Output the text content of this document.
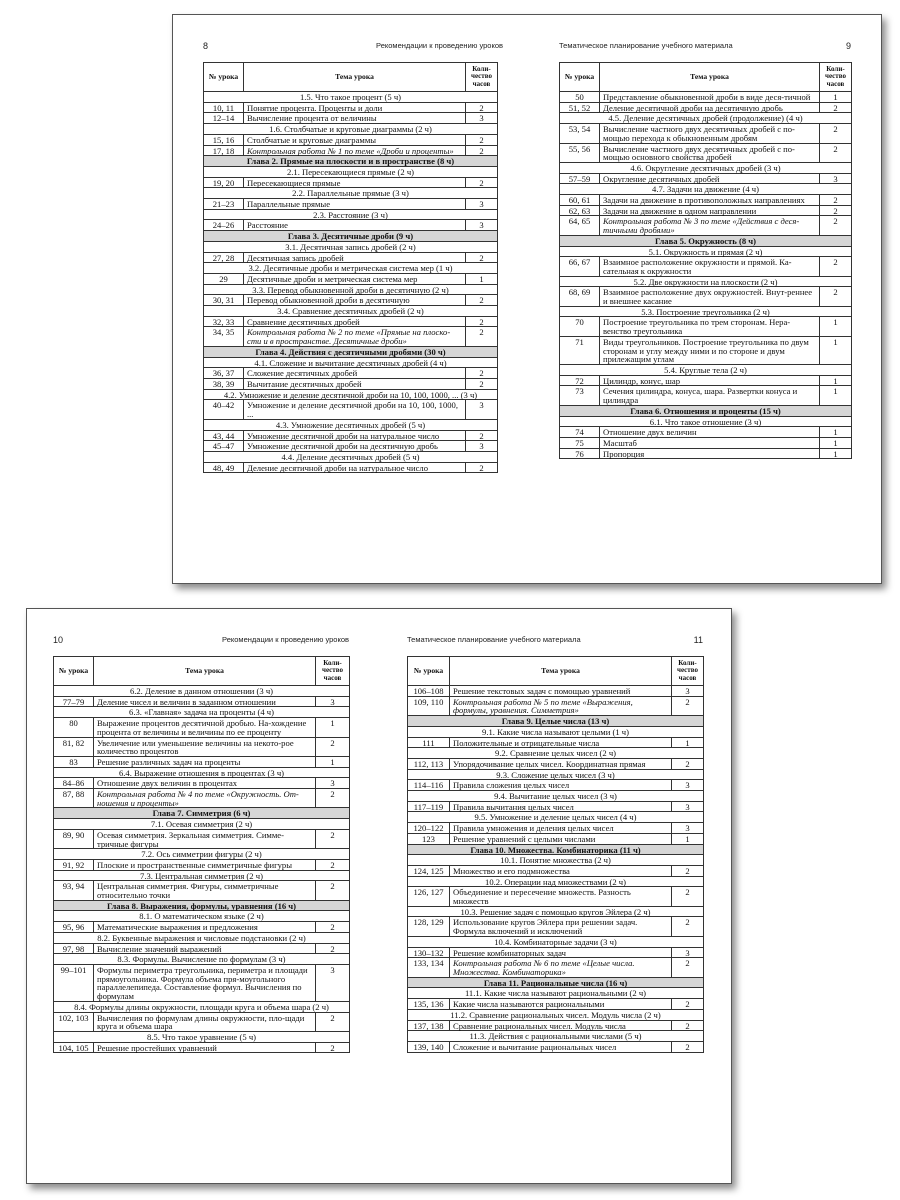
8	Рекомендации к проведению уроков
№ урока	Тема урока	Коли-
чество
часов
1.5. Что такое процент (5 ч)		
10, 11	Понятие процента. Проценты и доли	2
12–14	Вычисление процента от величины	3
1.6. Столбчатые и круговые диаграммы (2 ч)		
15, 16	Столбчатые и круговые диаграммы	2
17, 18	Контрольная работа № 1 по теме «Дроби и проценты»	2
Глава 2. Прямые на плоскости и в пространстве (8 ч)		
2.1. Пересекающиеся прямые (2 ч)		
19, 20	Пересекающиеся прямые	2
2.2. Параллельные прямые (3 ч)		
21–23	Параллельные прямые	3
2.3. Расстояние (3 ч)		
24–26	Расстояние	3
Глава 3. Десятичные дроби (9 ч)		
3.1. Десятичная запись дробей (2 ч)		
27, 28	Десятичная запись дробей	2
3.2. Десятичные дроби и метрическая система мер (1 ч)		
29	Десятичные дроби и метрическая система мер	1
3.3. Перевод обыкновенной дроби в десятичную (2 ч)		
30, 31	Перевод обыкновенной дроби в десятичную	2
3.4. Сравнение десятичных дробей (2 ч)		
32, 33	Сравнение десятичных дробей	2
34, 35	Контрольная работа № 2 по теме «Прямые на плоско-сти и в пространстве. Десятичные дроби»	2
Глава 4. Действия с десятичными дробями (30 ч)		
4.1. Сложение и вычитание десятичных дробей (4 ч)		
36, 37	Сложение десятичных дробей	2
38, 39	Вычитание десятичных дробей	2
4.2. Умножение и деление десятичной дроби на 10, 100, 1000, ... (3 ч)		
40–42	Умножение и деление десятичной дроби на 10, 100, 1000, ...	3
4.3. Умножение десятичных дробей (5 ч)		
43, 44	Умножение десятичной дроби на натуральное число	2
45–47	Умножение десятичной дроби на десятичную дробь	3
4.4. Деление десятичных дробей (5 ч)		
48, 49	Деление десятичной дроби на натуральное число	2
Тематическое планирование учебного материала	9
№ урока	Тема урока	Коли-
чество
часов
50	Представление обыкновенной дроби в виде деся-тичной	1
51, 52	Деление десятичной дроби на десятичную дробь	2
4.5. Деление десятичных дробей (продолжение) (4 ч)		
53, 54	Вычисление частного двух десятичных дробей с по-мощью перехода к обыкновенным дробям	2
55, 56	Вычисление частного двух десятичных дробей с по-мощью основного свойства дробей	2
4.6. Округление десятичных дробей (3 ч)		
57–59	Округление десятичных дробей	3
4.7. Задачи на движение (4 ч)		
60, 61	Задачи на движение в противоположных направлениях	2
62, 63	Задачи на движение в одном направлении	2
64, 65	Контрольная работа № 3 по теме «Действия с деся-тичными дробями»	2
Глава 5. Окружность (8 ч)		
5.1. Окружность и прямая (2 ч)		
66, 67	Взаимное расположение окружности и прямой. Ка-сательная к окружности	2
5.2. Две окружности на плоскости (2 ч)		
68, 69	Взаимное расположение двух окружностей. Внут-реннее и внешнее касание	2
5.3. Построение треугольника (2 ч)		
70	Построение треугольника по трем сторонам. Нера-венство треугольника	1
71	Виды треугольников. Построение треугольника по двум сторонам и углу между ними и по стороне и двум прилежащим углам	1
5.4. Круглые тела (2 ч)		
72	Цилиндр, конус, шар	1
73	Сечения цилиндра, конуса, шара. Развертки конуса и цилиндра	1
Глава 6. Отношения и проценты (15 ч)		
6.1. Что такое отношение (3 ч)		
74	Отношение двух величин	1
75	Масштаб	1
76	Пропорция	1
10	Рекомендации к проведению уроков
№ урока	Тема урока	Коли-
чество
часов
6.2. Деление в данном отношении (3 ч)		
77–79	Деление чисел и величин в заданном отношении	3
6.3. «Главная» задача на проценты (4 ч)		
80	Выражение процентов десятичной дробью. На-хождение процента от величины и величины по ее проценту	1
81, 82	Увеличение или уменьшение величины на некото-рое количество процентов	2
83	Решение различных задач на проценты	1
6.4. Выражение отношения в процентах (3 ч)		
84–86	Отношение двух величин в процентах	3
87, 88	Контрольная работа № 4 по теме «Окружность. От-ношения и проценты»	2
Глава 7. Симметрия (6 ч)		
7.1. Осевая симметрия (2 ч)		
89, 90	Осевая симметрия. Зеркальная симметрия. Симме-тричные фигуры	2
7.2. Ось симметрии фигуры (2 ч)		
91, 92	Плоские и пространственные симметричные фигуры	2
7.3. Центральная симметрия (2 ч)		
93, 94	Центральная симметрия. Фигуры, симметричные относительно точки	2
Глава 8. Выражения, формулы, уравнения (16 ч)		
8.1. О математическом языке (2 ч)		
95, 96	Математические выражения и предложения	2
8.2. Буквенные выражения и числовые подстановки (2 ч)		
97, 98	Вычисление значений выражений	2
8.3. Формулы. Вычисление по формулам (3 ч)		
99–101	Формулы периметра треугольника, периметра и площади прямоугольника. Формула объема пря-моугольного параллелепипеда. Составление формул. Вычисления по формулам	3
8.4. Формулы длины окружности, площади круга и объема шара (2 ч)		
102, 103	Вычисления по формулам длины окружности, пло-щади круга и объема шара	2
8.5. Что такое уравнение (5 ч)		
104, 105	Решение простейших уравнений	2
Тематическое планирование учебного материала	11
№ урока	Тема урока	Коли-
чество
часов
106–108	Решение текстовых задач с помощью уравнений	3
109, 110	Контрольная работа № 5 по теме «Выражения, формулы, уравнения. Симметрия»	2
Глава 9. Целые числа (13 ч)		
9.1. Какие числа называют целыми (1 ч)		
111	Положительные и отрицательные числа	1
9.2. Сравнение целых чисел (2 ч)		
112, 113	Упорядочивание целых чисел. Координатная прямая	2
9.3. Сложение целых чисел (3 ч)		
114–116	Правила сложения целых чисел	3
9.4. Вычитание целых чисел (3 ч)		
117–119	Правила вычитания целых чисел	3
9.5. Умножение и деление целых чисел (4 ч)		
120–122	Правила умножения и деления целых чисел	3
123	Решение уравнений с целыми числами	1
Глава 10. Множества. Комбинаторика (11 ч)		
10.1. Понятие множества (2 ч)		
124, 125	Множество и его подмножества	2
10.2. Операции над множествами (2 ч)		
126, 127	Объединение и пересечение множеств. Разность множеств	2
10.3. Решение задач с помощью кругов Эйлера (2 ч)		
128, 129	Использование кругов Эйлера при решении задач. Формула включений и исключений	2
10.4. Комбинаторные задачи (3 ч)		
130–132	Решение комбинаторных задач	3
133, 134	Контрольная работа № 6 по теме «Целые числа. Множества. Комбинаторика»	2
Глава 11. Рациональные числа (16 ч)		
11.1. Какие числа называют рациональными (2 ч)		
135, 136	Какие числа называются рациональными	2
11.2. Сравнение рациональных чисел. Модуль числа (2 ч)		
137, 138	Сравнение рациональных чисел. Модуль числа	2
11.3. Действия с рациональными числами (5 ч)		
139, 140	Сложение и вычитание рациональных чисел	2
